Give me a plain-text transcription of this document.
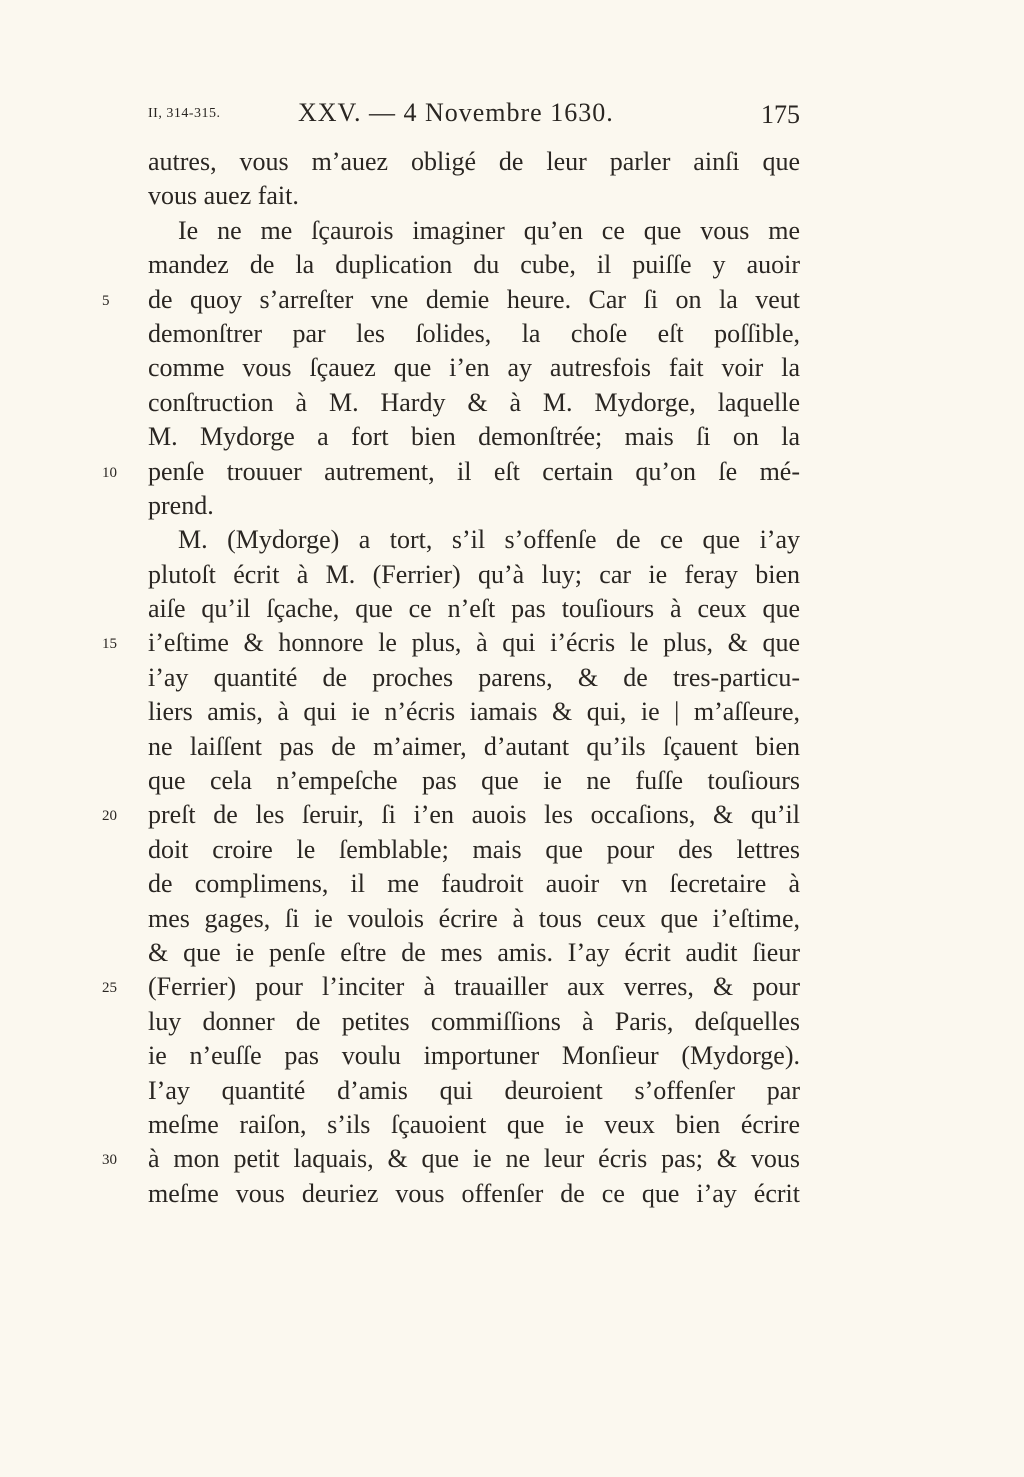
II, 314-315.	XXV. — 4 Novembre 1630.	175
autres, vous m’auez obligé de leur parler ainſi que
vous auez fait.
Ie ne me ſçaurois imaginer qu’en ce que vous me
mandez de la duplication du cube, il puiſſe y auoir
5	de quoy s’arreſter vne demie heure. Car ſi on la veut
demonſtrer par les ſolides, la choſe eſt poſſible,
comme vous ſçauez que i’en ay autresfois fait voir la
conſtruction à M. Hardy & à M. Mydorge, laquelle
M. Mydorge a fort bien demonſtrée; mais ſi on la
10 penſe trouuer autrement, il eſt certain qu’on ſe mé-
prend.
M. (Mydorge) a tort, s’il s’offenſe de ce que i’ay
plutoſt écrit à M. (Ferrier) qu’à luy; car ie feray bien
aiſe qu’il ſçache, que ce n’eſt pas touſiours à ceux que
15 i’eſtime & honnore le plus, à qui i’écris le plus, & que
i’ay quantité de proches parens, & de tres-particu-
liers amis, à qui ie n’écris iamais & qui, ie | m’aſſeure,
ne laiſſent pas de m’aimer, d’autant qu’ils ſçauent bien
que cela n’empeſche pas que ie ne fuſſe touſiours
20 preſt de les ſeruir, ſi i’en auois les occaſions, & qu’il
doit croire le ſemblable; mais que pour des lettres
de complimens, il me faudroit auoir vn ſecretaire à
mes gages, ſi ie voulois écrire à tous ceux que i’eſtime,
& que ie penſe eſtre de mes amis. I’ay écrit audit ſieur
25 (Ferrier) pour l’inciter à trauailler aux verres, & pour
luy donner de petites commiſſions à Paris, deſquelles
ie n’euſſe pas voulu importuner Monſieur (Mydorge).
I’ay quantité d’amis qui deuroient s’offenſer par
meſme raiſon, s’ils ſçauoient que ie veux bien écrire
30 à mon petit laquais, & que ie ne leur écris pas; & vous
meſme vous deuriez vous offenſer de ce que i’ay écrit
